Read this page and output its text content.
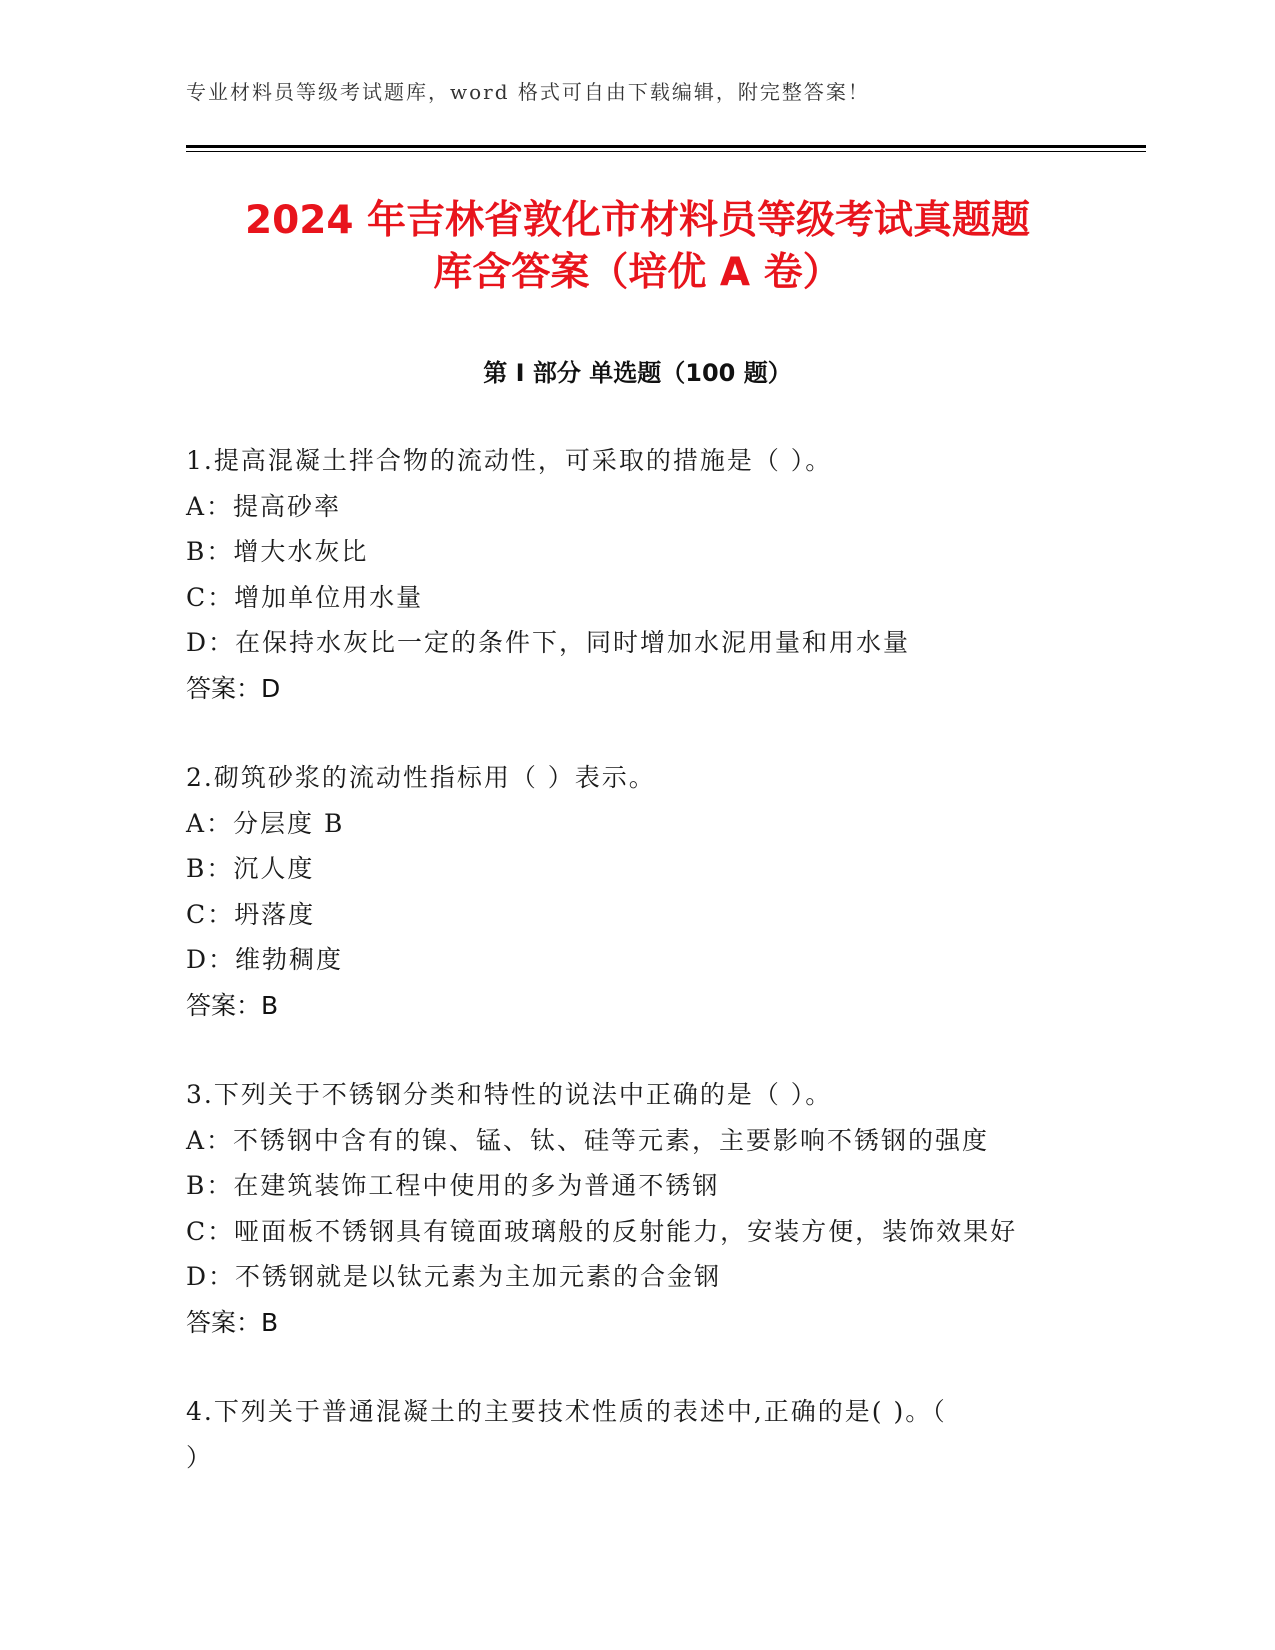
专业材料员等级考试题库，word 格式可自由下载编辑，附完整答案！
2024 年吉林省敦化市材料员等级考试真题题
库含答案（培优 A 卷）
第 I 部分 单选题（100 题）
1.提高混凝土拌合物的流动性，可采取的措施是（ ）。
A：提高砂率
B：增大水灰比
C：增加单位用水量
D：在保持水灰比一定的条件下，同时增加水泥用量和用水量
答案：D
2.砌筑砂浆的流动性指标用（ ）表示。
A：分层度 B
B：沉人度
C：坍落度
D：维勃稠度
答案：B
3.下列关于不锈钢分类和特性的说法中正确的是（ ）。
A：不锈钢中含有的镍、锰、钛、硅等元素，主要影响不锈钢的强度
B：在建筑装饰工程中使用的多为普通不锈钢
C：哑面板不锈钢具有镜面玻璃般的反射能力，安装方便，装饰效果好
D：不锈钢就是以钛元素为主加元素的合金钢
答案：B
4.下列关于普通混凝土的主要技术性质的表述中,正确的是( )。（
）
